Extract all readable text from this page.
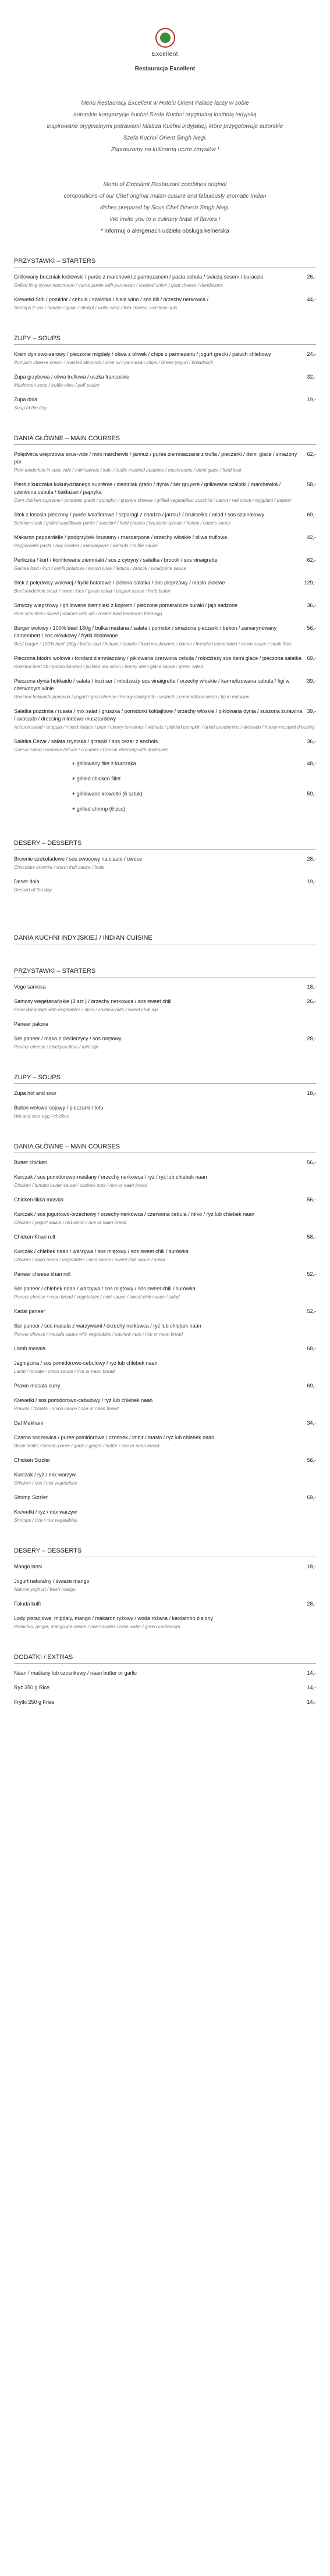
Excellent
Restauracja Excellent
Menu Restauracji Excellent w Hotelu Orient Palace łączy w sobie
autorskie kompozycje kuchni Szefa Kuchni oryginalną kuchnią indyjską
inspirowane oryginalnymi potrawami Mistrza Kuchni indyjskiej, które przygotowuje autorskie
Szefa Kuchni Orient Singh Negi.
Zapraszamy na kulinarną ucztę zmysłów !
Menu of Excellent Restaurant combines original
compositions of our Chef original Indian cuisine and fabulously aromatic Indian
dishes prepared by Sous Chef Dinesh Singh Negi.
We invite you to a culinary feast of flavors !
* informuj o alergenach udzieła obsługa kelnerska
PRZYSTAWKI – STARTERS
Grillowany boczniak królewski / purée z marchewki z parmezanem / pasta cebula / świeżą sosem / buraczki	26,-
Grilled king oyster mushroom / carrot purée with parmesan / roasted onion / goat cheese / dandelions
Krewetki Stół / pomidor / cebula / szalotka / biała wino / sos tlili / orzechy nerkowca /	44,-
Shrimps // sos / tomato / garlic / shallot / white wine / feta cheese / cashew nuts
ZUPY – SOUPS
Krem dyniowo-serowy / pieczone migdały / oliwa z oliwek / chips z parmezanu / jogurt grecki / paluch chlebowy	24,-
Pumpkin cheese cream / roasted almonds / olive oil / parmesan chips / Greek yogurt / breadstick
Zupa grzybowa / oliwa truflowa / uszka francuskie	32,-
Mushroom soup / truffle olive / puff pastry
Zupa dnia	19,-
Soup of the day
DANIA GŁÓWNE – MAIN COURSES
Polędwica wieprzowa sous-vide / mini marchewki / jarmuż / purée ziemniaczane z trufla / pieczarki / demi glace / smażony por
62,-
Pork tenderloin in sous vide / mini carrots / kale / truffle mashed potatoes / mushrooms / demi glace / fried leek
Pierś z kurczaka kukurydzianego suprême / ziemniak gratin / dynia / ser gruyere / grillowane szalotki / marchewka / czerwona cebula / bakłażan / papryka
58,-
Corn chicken supreme / potatoes gratin / pumpkin / gruyere cheese / grilled vegetables: zucchini / carrot / red onion / eggplant / pepper
Stek z łososia pieczony / purée kalafiorowe / szparagi z chorizo / jarmuż / brukselka / miód / sos szpinakowy	69,-
Salmon steak / grilled cauliflower purée / zucchini / fried chorizo / brussels sprouts / honey / capers sauce
Makaron pappardelle / podgrzybek brunatny / mascarpone / orzechy włoskie / oliwa truflowa	42,-
Pappardelle pasta / bay boletes / mascarpone / walnuts / truffle sauce
Perliczka / kurt / konfitowane ziemniaki / sos z cytryny / sałatka / brocoli / sos vinaigrette	62,-
Guinea fowl / kurt / confit potatoes / lemon juice / lettuce / brocoli / vinaigrette sauce
Stek z polędwicy wołowej / frytki batatowe / zielona sałatka / sos pieprzowy / masło ziołowe	129,-
Beef tenderloin steak / sweet fries / green salad / pepper sauce / herb butter
Smyczy wieprzowy / grillowane ziemniaki z koprem / pieczone pomarańcze buraki / jajo sadzone	36,-
Pork schnitzel / sliced potatoes with dill / rosted fried beetroot / fried egg
Burger wołowy / 100% beef 180g / bułka maślana / sałata / pomidor / smażona pieczarki / bekon / zamarynowany camembert / sos ołówkowy / frytki dodawane
56,-
Beef burger / 100% beef 180g / butter bun / lettuce / tomato / fried mushrooms / bacon / breaded camembert / onion sauce / steak fries
Pieczona biodro wołowe / fondant ziemniaczany / piklowana czerwona cebula / młodzieży sos demi glace / pieczona sałatka	69,-
Roasted beef rib / potato fondant / pickled red onion / honey demi glace sauce / green salad
Pieczona dynia hokkaido / sałata / kozi ser / młodzieży sos vinaigrette / orzechy włoskie / karmelizowana cebula / figi w czerwonym winie
39,-
Roasted hokkaido pumpkin / yogurt / goat cheese / honey vinaigrette / walnuts / caramelized onion / fig in red wine
Sałatka pozzimia / rusała / mix sałat / gruszka / pomidorki koktajlowe / orzechy włoskie / piklowana dynia / suszona żurawina / avocado / dressing miodowo-musztardowy
39,-
Autumn salad / arugula / mixed lettuce / pear / cherry tomatoes / walnuts / pickled pumpkin / dried cranberries / avocado / honey-mustard dressing
Sałatka Cezar / sałata rzymska / grzanki / sos cezar z anchois	36,-
Caesar salad / romaine lettuce / croutons / Caesar dressing with anchovies
+ grillowany filet z kurczaka	48,-
+ grilled chicken fillet
+ grillowane krewetki (6 sztuk)	59,-
+ grilled shrimp (6 pcs)
DESERY – DESSERTS
Brownie czekoladowe / sos owocowy na ciasto / owoce	28,-
Chocolate brownie / warm fruit sauce / fruits
Deser dnia	19,-
Dessert of the day
DANIA KUCHNI INDYJSKIEJ / INDIAN CUISINE
PRZYSTAWKI – STARTERS
Vege samosa	18,-
Samosy wegetariańskie (3 szt.) / orzechy nerkowca / sos sweet chili	26,-
Fried dumplings with vegetables / 3pcs / cashew nuts / sweet chilli dip
Paneer pakora
Ser paneer / mąka z ciecierzycy / sos miętowy	28,-
Paneer cheese / chickpea flour / mint dip
ZUPY – SOUPS
Zupa hot and sour	18,-
Bulion wołowo-sojowy / pieczarki / tofu
Hot and sour egg / chicken
DANIA GŁÓWNE – MAIN COURSES
Butter chicken	56,-
Kurczak / sos pomidorowo-maślany / orzechy nerkowca / ryż / ryż lub chlebek naan
Chicken / tomato butter sauce / cashew nuts / rice or naan bread
Chicken tikka masala	56,-
Kurczak / sos jogurtowo-orzechowy / orzechy nerkowca / czerwona cebula / mlko / ryż lub chlebek naan
Chicken / yogurt sauce / red onion / rice or naan bread
Chicken Khari roll	58,-
Kurczak / chlebek naan / warzywa / sos miętowy / sos sweet chili / surówka
Chicken / naan bread / vegetables / mint sauce / sweet chili sauce / salad
Paneer cheese khari roll	52,-
Ser paneer / chlebek naan / warzywa / sos miętowy / sos sweet chili / surówka
Paneer cheese / naan bread / vegetables / mint sauce / sweet chili sauce / salad
Kadai paneer	52,-
Ser paneer / sos masala z warzywami / orzechy nerkowca / ryż lub chlebek naan
Paneer cheese / masala sauce with vegetables / cashew nuts / rice or naan bread
Lamb masala	68,-
Jagnięcina / sos pomidorowo-cebulowy / ryż lub chlebek naan
Lamb / tomato - onion sauce / rice or naan bread
Prawn masala curry	69,-
Krewetki / sos pomidorowo-cebulowy / ryż lub chlebek naan
Prawns / tomato - onion sauce / rice or naan bread
Dal Makhani	34,-
Czarna soczewica / purée pomidorowe / czosnek / imbir / masło / ryż lub chlebek naan
Black lentils / tomato purée / garlic / ginger / butter / rice or naan bread
Chicken Sizzler	56,-
Kurczak / ryż / mix warzyw
Chicken / rice / mix vegetables
Shrimp Sizzler	69,-
Krewetki / ryż / mix warzyw
Shrimps / rice / mix vegetables
DESERY – DESSERTS
Mango lassi	18,-
Jogurt naturalny / świeże mango
Natural yoghurt / fresh mango
Faluda kulfi	28,-
Lody pistacjowe, migdały, mango / makaron ryżowy / woda różana / kardamon zielony
Pistachio, ginger, mango ice cream / rice noodles / rose water / green cardamom
DODATKI / EXTRAS
Naan / maślany lub czosnkowy / naan butter or garlic	14,-
Ryż 250 g Rice	14,-
Frytki 250 g Fries	14,-
